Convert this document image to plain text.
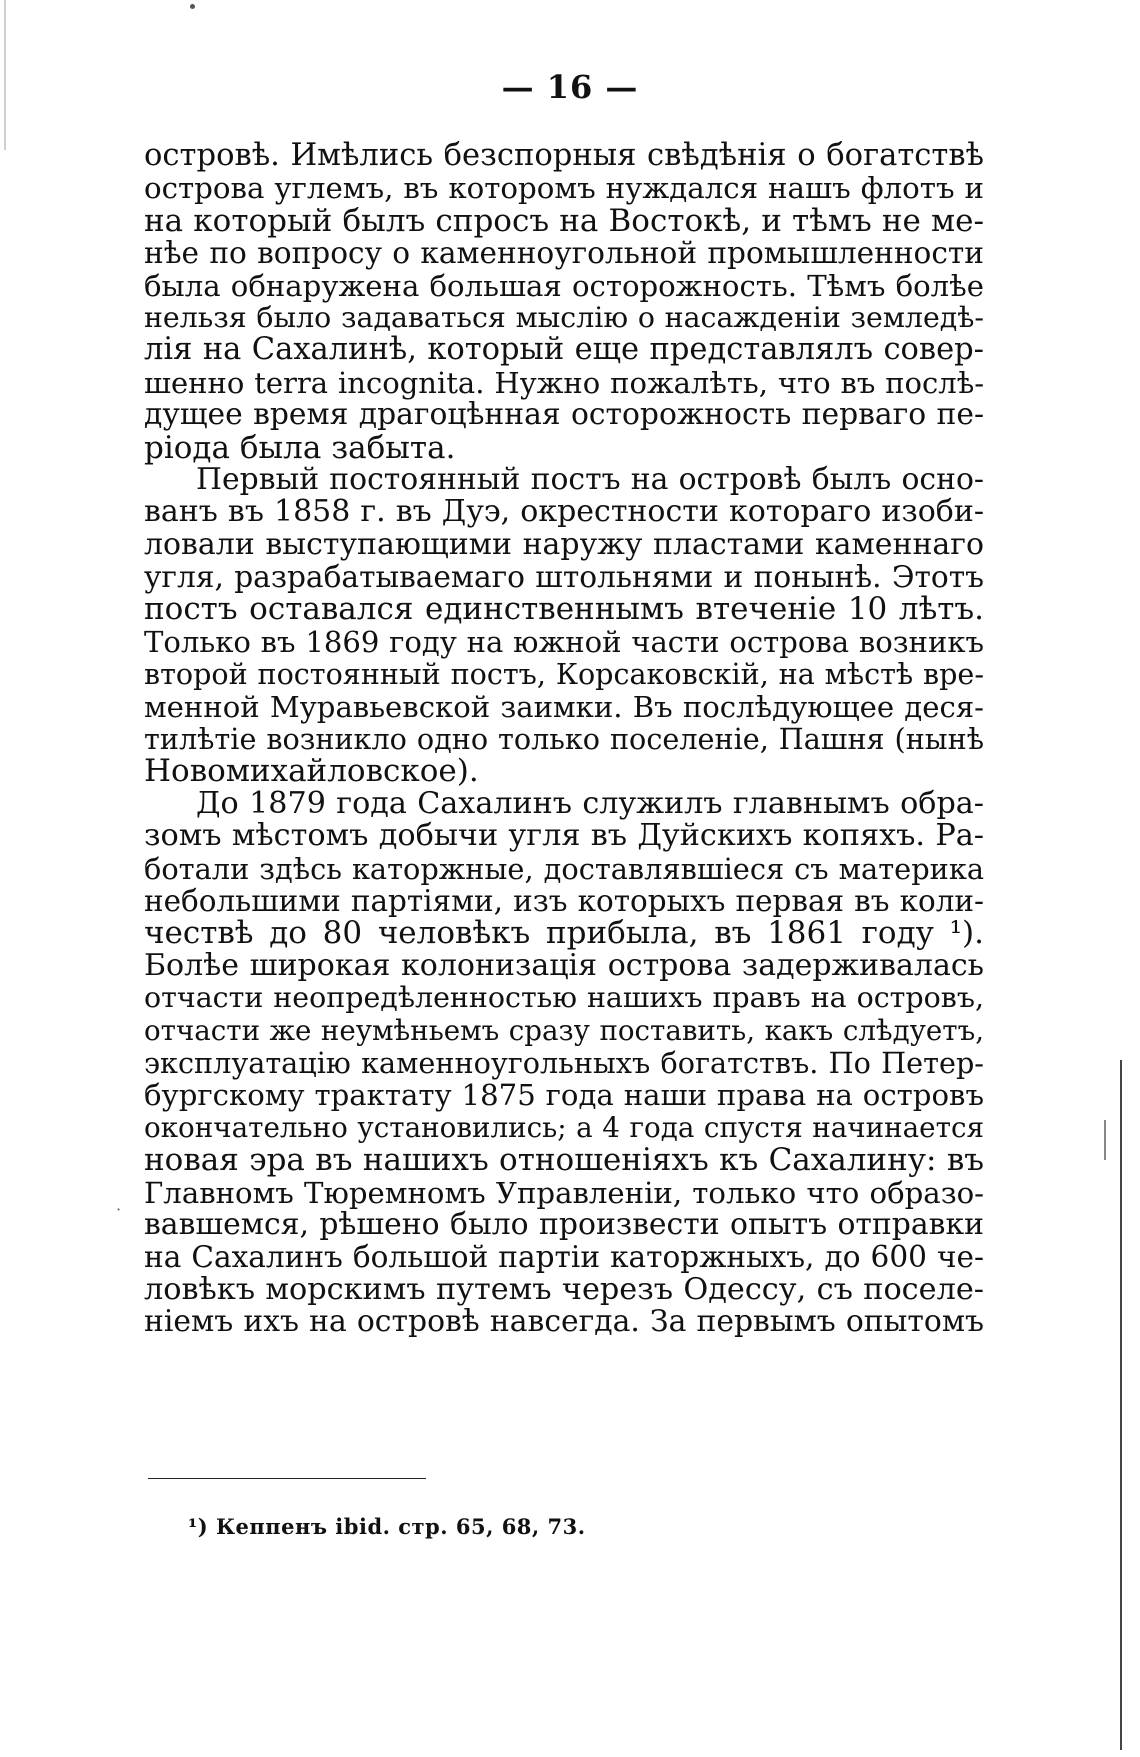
— 16 —
островѣ. Имѣлись безспорныя свѣдѣнія о богатствѣ
острова углемъ, въ которомъ нуждался нашъ флотъ и
на который былъ спросъ на Востокѣ, и тѣмъ не ме-
нѣе по вопросу о каменноугольной промышленности
была обнаружена большая осторожность. Тѣмъ болѣе
нельзя было задаваться мыслію о насажденіи земледѣ-
лія на Сахалинѣ, который еще представлялъ совер-
шенно terra incognita. Нужно пожалѣть, что въ послѣ-
дущее время драгоцѣнная осторожность перваго пе-
ріода была забыта.
Первый постоянный постъ на островѣ былъ осно-
ванъ въ 1858 г. въ Дуэ, окрестности котораго изоби-
ловали выступающими наружу пластами каменнаго
угля, разрабатываемаго штольнями и понынѣ. Этотъ
постъ оставался единственнымъ втеченіе 10 лѣтъ.
Только въ 1869 году на южной части острова возникъ
второй постоянный постъ, Корсаковскій, на мѣстѣ вре-
менной Муравьевской заимки. Въ послѣдующее деся-
тилѣтіе возникло одно только поселеніе, Пашня (нынѣ
Новомихайловское).
До 1879 года Сахалинъ служилъ главнымъ обра-
зомъ мѣстомъ добычи угля въ Дуйскихъ копяхъ. Ра-
ботали здѣсь каторжные, доставлявшіеся съ материка
небольшими партіями, изъ которыхъ первая въ коли-
чествѣ до 80 человѣкъ прибыла, въ 1861 году ¹).
Болѣе широкая колонизація острова задерживалась
отчасти неопредѣленностью нашихъ правъ на островъ,
отчасти же неумѣньемъ сразу поставить, какъ слѣдуетъ,
эксплуатацію каменноугольныхъ богатствъ. По Петер-
бургскому трактату 1875 года наши права на островъ
окончательно установились; а 4 года спустя начинается
новая эра въ нашихъ отношеніяхъ къ Сахалину: въ
Главномъ Тюремномъ Управленіи, только что образо-
вавшемся, рѣшено было произвести опытъ отправки
на Сахалинъ большой партіи каторжныхъ, до 600 че-
ловѣкъ морскимъ путемъ черезъ Одессу, съ поселе-
ніемъ ихъ на островѣ навсегда. За первымъ опытомъ
·
¹) Кеппенъ ibid. стр. 65, 68, 73.
